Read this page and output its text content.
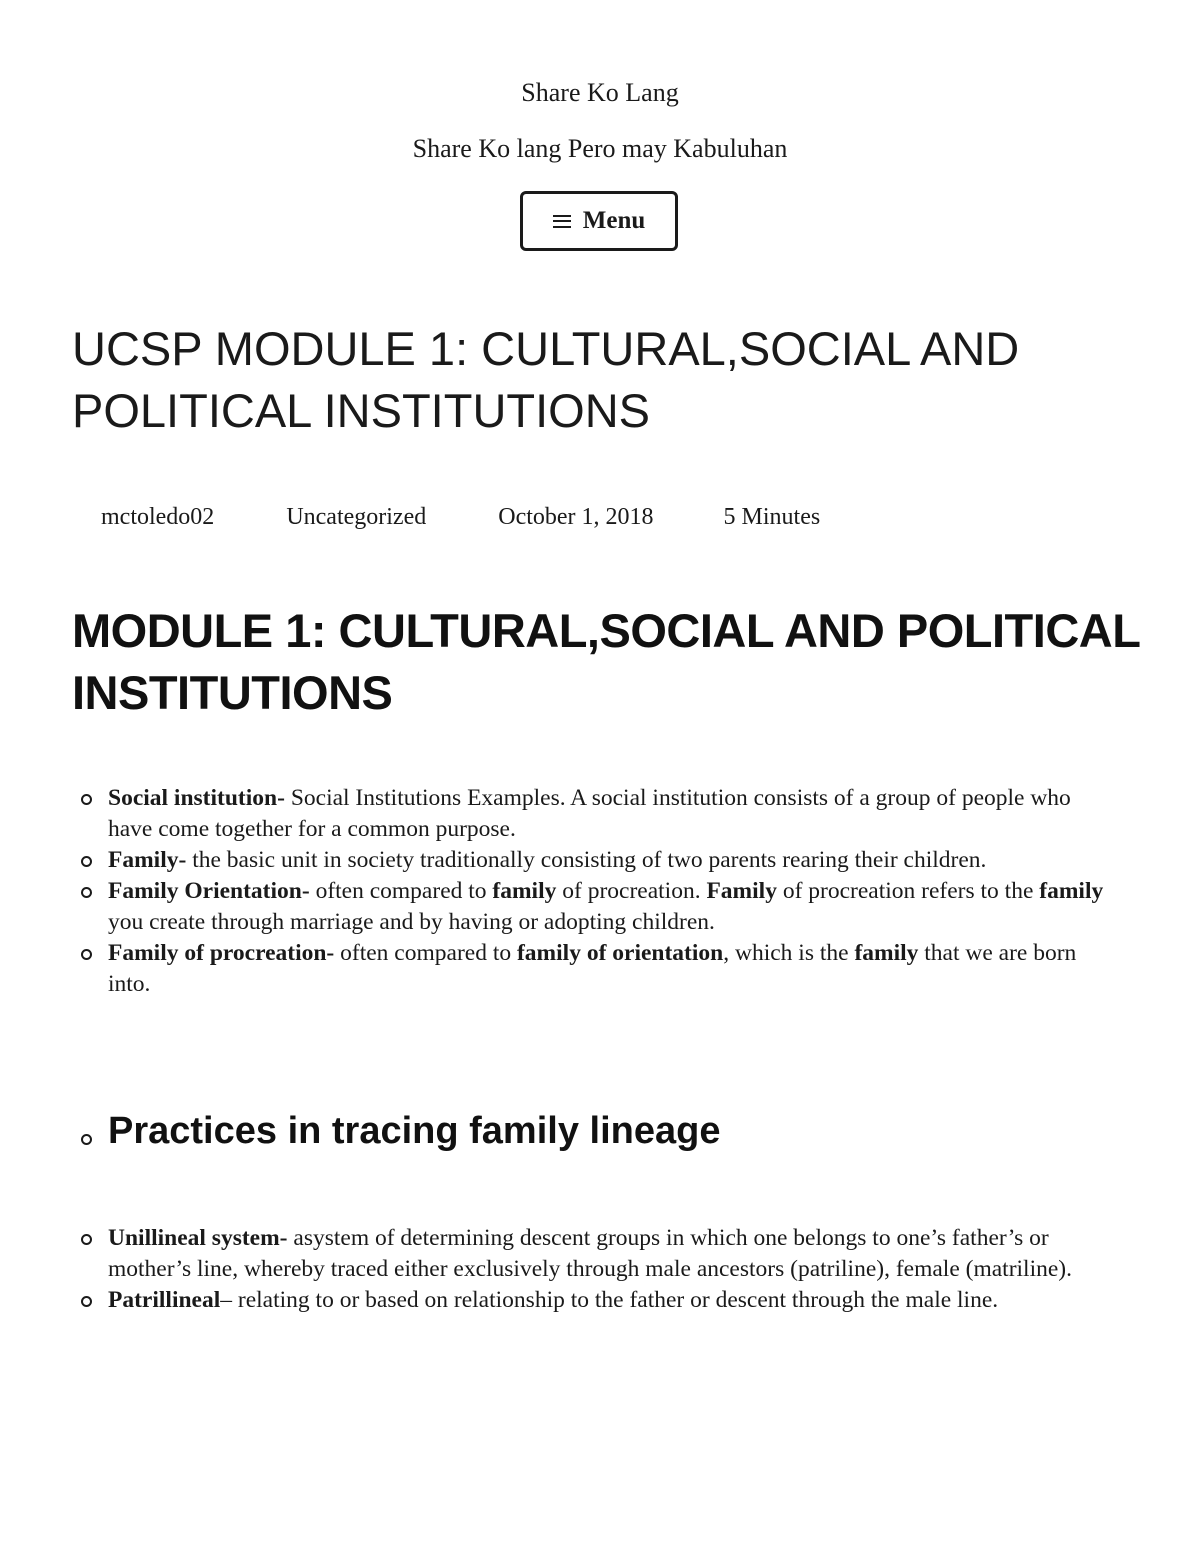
Share Ko Lang
Share Ko lang Pero may Kabuluhan
Menu
UCSP MODULE 1: CULTURAL,SOCIAL AND POLITICAL INSTITUTIONS
mctoledo02	Uncategorized	October 1, 2018	5 Minutes
MODULE 1: CULTURAL,SOCIAL AND POLITICAL INSTITUTIONS
Social institution- Social Institutions Examples. A social institution consists of a group of people who have come together for a common purpose.
Family- the basic unit in society traditionally consisting of two parents rearing their children.
Family Orientation- often compared to family of procreation. Family of procreation refers to the family you create through marriage and by having or adopting children.
Family of procreation- often compared to family of orientation, which is the family that we are born into.
Practices in tracing family lineage
Unillineal system- asystem of determining descent groups in which one belongs to one’s father’s or mother’s line, whereby traced either exclusively through male ancestors (patriline), female (matriline).
Patrillineal– relating to or based on relationship to the father or descent through the male line.
